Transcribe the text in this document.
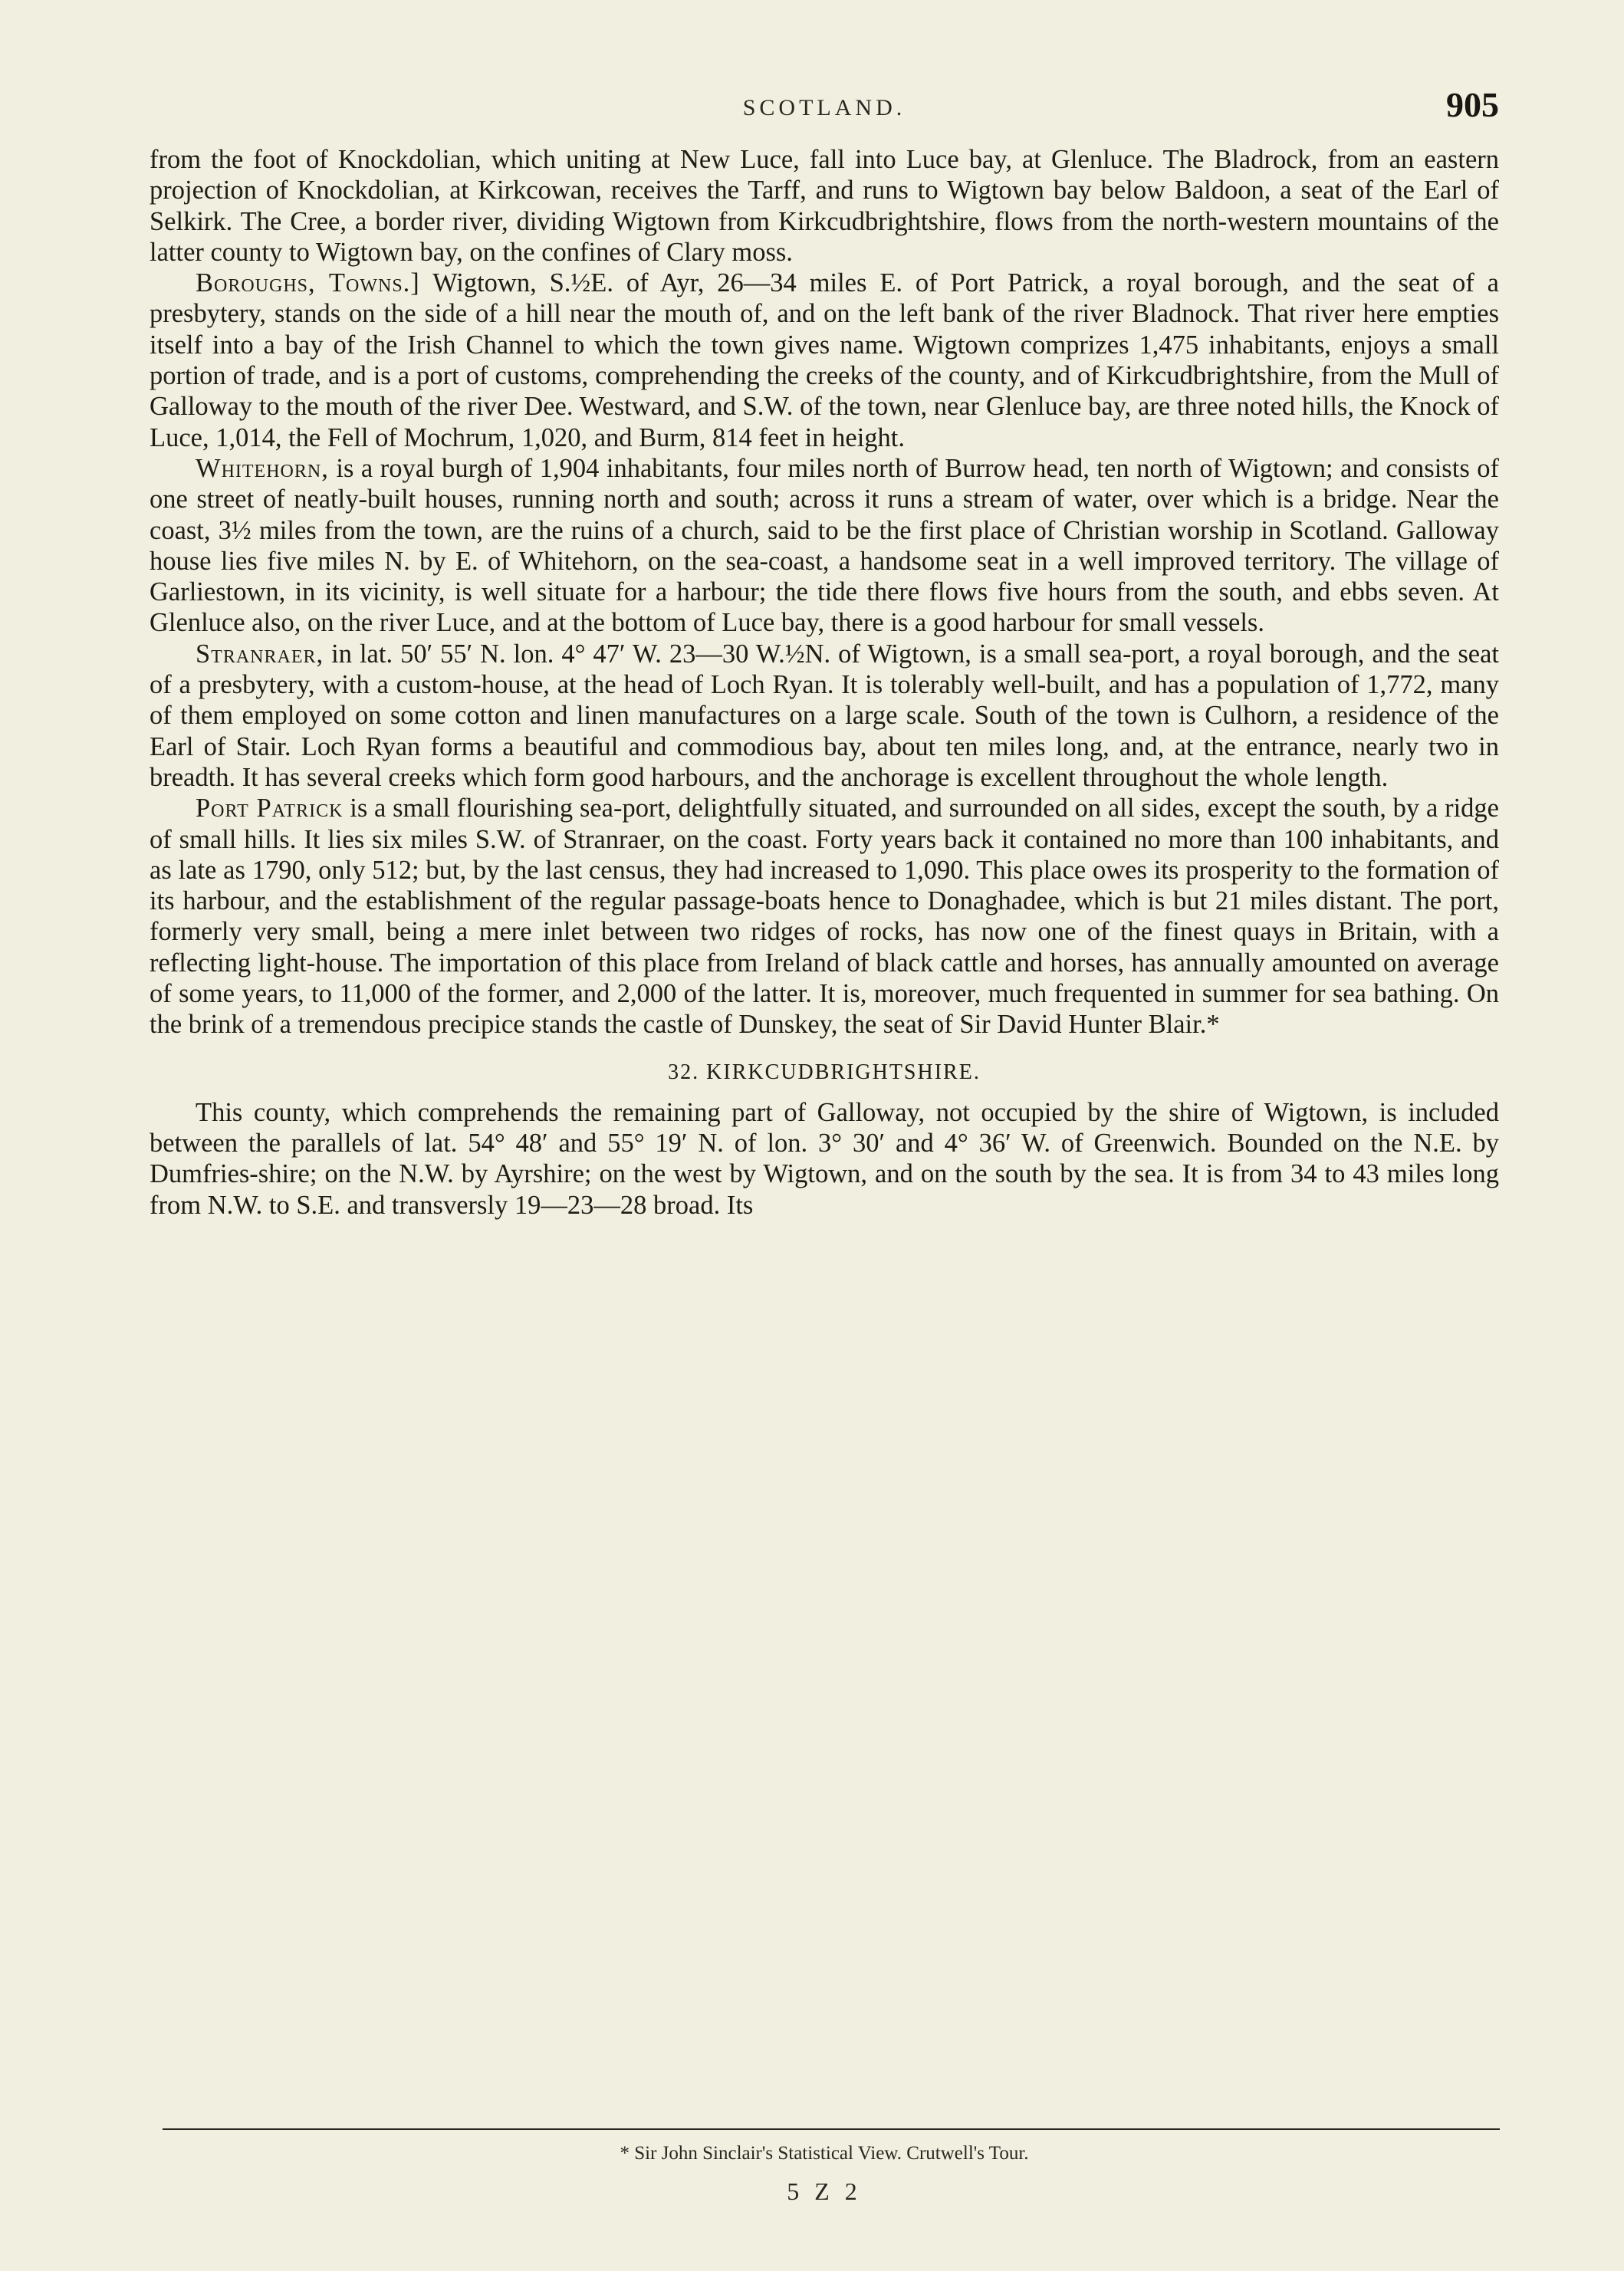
SCOTLAND.	905

from the foot of Knockdolian, which uniting at New Luce, fall into Luce bay, at Glenluce. The Bladrock, from an eastern projection of Knockdolian, at Kirkcowan, receives the Tarff, and runs to Wigtown bay below Baldoon, a seat of the Earl of Selkirk. The Cree, a border river, dividing Wigtown from Kirkcudbrightshire, flows from the north-western mountains of the latter county to Wigtown bay, on the confines of Clary moss.

Boroughs, Towns.] Wigtown, S.½E. of Ayr, 26—34 miles E. of Port Patrick, a royal borough, and the seat of a presbytery, stands on the side of a hill near the mouth of, and on the left bank of the river Bladnock. That river here empties itself into a bay of the Irish Channel to which the town gives name. Wigtown comprizes 1,475 inhabitants, enjoys a small portion of trade, and is a port of customs, comprehending the creeks of the county, and of Kirkcudbrightshire, from the Mull of Galloway to the mouth of the river Dee. Westward, and S.W. of the town, near Glenluce bay, are three noted hills, the Knock of Luce, 1,014, the Fell of Mochrum, 1,020, and Burm, 814 feet in height.

Whitehorn, is a royal burgh of 1,904 inhabitants, four miles north of Burrow head, ten north of Wigtown; and consists of one street of neatly-built houses, running north and south; across it runs a stream of water, over which is a bridge. Near the coast, 3½ miles from the town, are the ruins of a church, said to be the first place of Christian worship in Scotland. Galloway house lies five miles N. by E. of Whitehorn, on the sea-coast, a handsome seat in a well improved territory. The village of Garliestown, in its vicinity, is well situate for a harbour; the tide there flows five hours from the south, and ebbs seven. At Glenluce also, on the river Luce, and at the bottom of Luce bay, there is a good harbour for small vessels.

Stranraer, in lat. 50′ 55′ N. lon. 4° 47′ W. 23—30 W.½N. of Wigtown, is a small sea-port, a royal borough, and the seat of a presbytery, with a custom-house, at the head of Loch Ryan. It is tolerably well-built, and has a population of 1,772, many of them employed on some cotton and linen manufactures on a large scale. South of the town is Culhorn, a residence of the Earl of Stair. Loch Ryan forms a beautiful and commodious bay, about ten miles long, and, at the entrance, nearly two in breadth. It has several creeks which form good harbours, and the anchorage is excellent throughout the whole length.

Port Patrick is a small flourishing sea-port, delightfully situated, and surrounded on all sides, except the south, by a ridge of small hills. It lies six miles S.W. of Stranraer, on the coast. Forty years back it contained no more than 100 inhabitants, and as late as 1790, only 512; but, by the last census, they had increased to 1,090. This place owes its prosperity to the formation of its harbour, and the establishment of the regular passage-boats hence to Donaghadee, which is but 21 miles distant. The port, formerly very small, being a mere inlet between two ridges of rocks, has now one of the finest quays in Britain, with a reflecting light-house. The importation of this place from Ireland of black cattle and horses, has annually amounted on average of some years, to 11,000 of the former, and 2,000 of the latter. It is, moreover, much frequented in summer for sea bathing. On the brink of a tremendous precipice stands the castle of Dunskey, the seat of Sir David Hunter Blair.*

32. KIRKCUDBRIGHTSHIRE.

This county, which comprehends the remaining part of Galloway, not occupied by the shire of Wigtown, is included between the parallels of lat. 54° 48′ and 55° 19′ N. of lon. 3° 30′ and 4° 36′ W. of Greenwich. Bounded on the N.E. by Dumfries-shire; on the N.W. by Ayrshire; on the west by Wigtown, and on the south by the sea. It is from 34 to 43 miles long from N.W. to S.E. and transversly 19—23—28 broad. Its

* Sir John Sinclair's Statistical View. Crutwell's Tour.
5 Z 2
